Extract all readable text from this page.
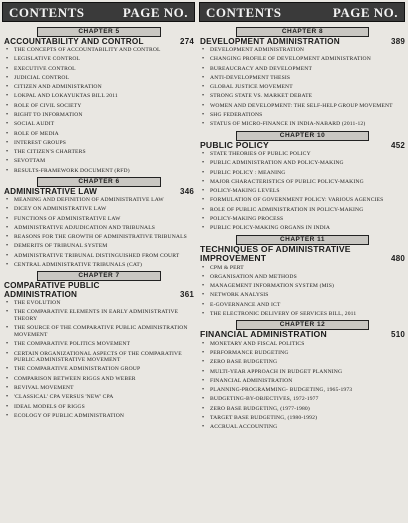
CONTENTS	PAGE NO. CONTENTS	PAGE NO.
CHAPTER 5
ACCOUNTABILITY AND CONTROL	274
• THE CONCEPTS OF ACCOUNTABILITY AND CONTROL
• LEGISLATIVE CONTROL
• EXECUTIVE CONTROL
• JUDICIAL CONTROL
• CITIZEN AND ADMINISTRATION
• LOKPAL AND LOKAYUKTAS BILL 2011
• ROLE OF CIVIL SOCIETY
• RIGHT TO INFORMATION
• SOCIAL AUDIT
• ROLE OF MEDIA
• INTEREST GROUPS
• THE CITIZEN'S CHARTERS
• SEVOTTAM
• RESULTS-FRAMEWORK DOCUMENT (RFD)
CHAPTER 6
ADMINISTRATIVE LAW	346
• MEANING AND DEFINITION OF ADMINISTRATIVE LAW
• DICEY ON ADMINISTRATIVE LAW
• FUNCTIONS OF ADMINISTRATIVE LAW
• ADMINISTRATIVE ADJUDICATION AND TRIBUNALS
• REASONS FOR THE GROWTH OF ADMINISTRATIVE TRIBUNALS
• DEMERITS OF TRIBUNAL SYSTEM
• ADMINISTRATIVE TRIBUNAL DISTINGUISHED FROM COURT
• CENTRAL ADMINISTRATIVE TRIBUNALS (CAT)
CHAPTER 7
COMPARATIVE PUBLIC
ADMINISTRATION	361
• THE EVOLUTION
• THE COMPARATIVE ELEMENTS IN EARLY ADMINISTRATIVE THEORY
• THE SOURCE OF THE COMPARATIVE PUBLIC ADMINISTRATION MOVEMENT
• THE COMPARATIVE POLITICS MOVEMENT
• CERTAIN ORGANIZATIONAL ASPECTS OF THE COMPARATIVE PUBLIC ADMINISTRATIVE MOVEMENT
• THE COMPARATIVE ADMINISTRATION GROUP
• COMPARISON BETWEEN RIGGS AND WEBER
• REVIVAL MOVEMENT
• 'CLASSICAL' CPA VERSUS 'NEW' CPA
• IDEAL MODELS OF RIGGS
• ECOLOGY OF PUBLIC ADMINISTRATION
CHAPTER 8
DEVELOPMENT ADMINISTRATION	389
• DEVELOPMENT ADMINISTRATION
• CHANGING PROFILE OF DEVELOPMENT ADMINISTRATION
• BUREAUCRACY AND DEVELOPMENT
• ANTI-DEVELOPMENT THESIS
• GLOBAL JUSTICE MOVEMENT
• STRONG STATE VS. MARKET DEBATE
• WOMEN AND DEVELOPMENT: THE SELF-HELP GROUP MOVEMENT
• SHG FEDERATIONS
• STATUS OF MICRO-FINANCE IN INDIA-NABARD (2011-12)
CHAPTER 10
PUBLIC POLICY	452
• STATE THEORIES OF PUBLIC POLICY
• PUBLIC ADMINISTRATION AND POLICY-MAKING
• PUBLIC POLICY : MEANING
• MAJOR CHARACTERISTICS OF PUBLIC POLICY-MAKING
• POLICY-MAKING LEVELS
• FORMULATION OF GOVERNMENT POLICY: VARIOUS AGENCIES
• ROLE OF PUBLIC ADMINISTRATION IN POLICY-MAKING
• POLICY-MAKING PROCESS
• PUBLIC POLICY-MAKING ORGANS IN INDIA
CHAPTER 11
TECHNIQUES OF ADMINISTRATIVE
IMPROVEMENT	480
• CPM & PERT
• ORGANISATION AND METHODS
• MANAGEMENT INFORMATION SYSTEM (MIS)
• NETWORK ANALYSIS
• E-GOVERNANCE AND ICT
• THE ELECTRONIC DELIVERY OF SERVICES BILL, 2011
CHAPTER 12
FINANCIAL ADMINISTRATION	510
• MONETARY AND FISCAL POLITICS
• PERFORMANCE BUDGETING
• ZERO BASE BUDGETING
• MULTI-YEAR APPROACH IN BUDGET PLANNING
• FINANCIAL ADMINISTRATION
• PLANNING-PROGRAMMING- BUDGETING, 1965-1973
• BUDGETING-BY-OBJECTIVES, 1972-1977
• ZERO BASE BUDGETING, (1977-1980)
• TARGET BASE BUDGETING, (1980-1992)
• ACCRUAL ACCOUNTING
